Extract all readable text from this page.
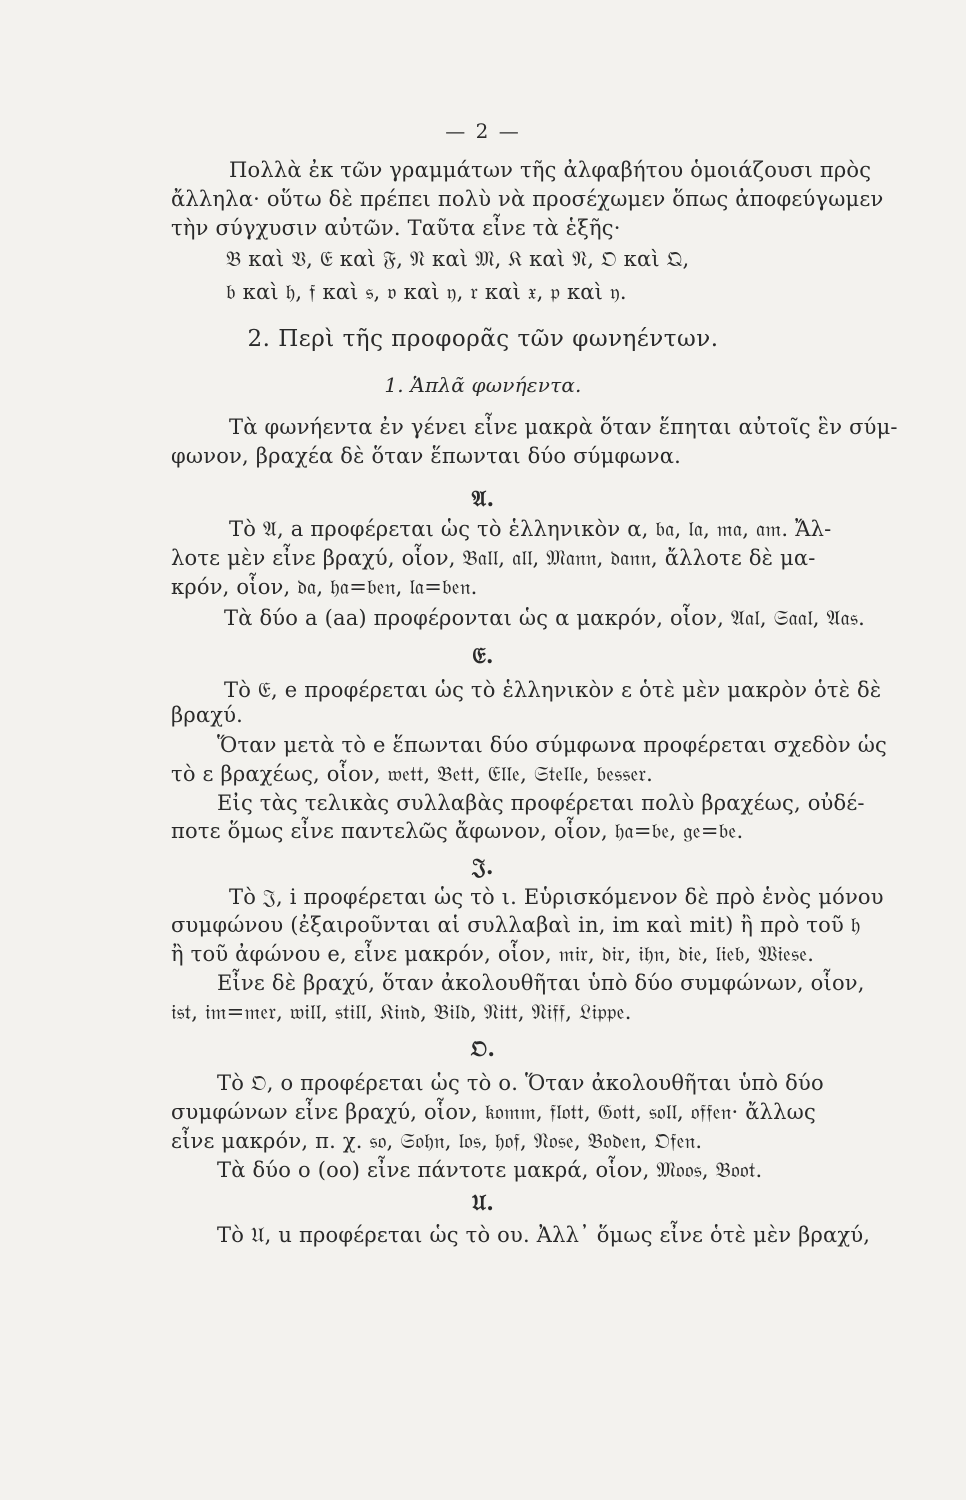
— 2 —
Πολλὰ ἐκ τῶν γραμμάτων τῆς ἀλφαβήτου ὁμοιάζουσι πρὸς
ἄλληλα· οὕτω δὲ πρέπει πολὺ νὰ προσέχωμεν ὅπως ἀποφεύγωμεν
τὴν σύγχυσιν αὐτῶν. Ταῦτα εἶνε τὰ ἑξῆς·
𝔅 καὶ 𝔙, 𝔈 καὶ 𝔉, 𝔑 καὶ 𝔐, 𝔎 καὶ 𝔑, 𝔒 καὶ 𝔔,
𝔟 καὶ 𝔥, 𝔣 καὶ 𝔰, 𝔳 καὶ 𝔶, 𝔯 καὶ 𝔵, 𝔭 καὶ 𝔶.
2. Περὶ τῆς προφορᾶς τῶν φωνηέντων.
1. Ἁπλᾶ φωνήεντα.
Τὰ φωνήεντα ἐν γένει εἶνε μακρὰ ὅταν ἕπηται αὐτοῖς ἓν σύμ-
φωνον, βραχέα δὲ ὅταν ἕπωνται δύο σύμφωνα.
𝔄.
Τὸ 𝔄, a προφέρεται ὡς τὸ ἑλληνικὸν α, 𝔟𝔞, 𝔩𝔞, 𝔪𝔞, 𝔞𝔪. Ἄλ-
λοτε μὲν εἶνε βραχύ, οἷον, 𝔅𝔞𝔩𝔩, 𝔞𝔩𝔩, 𝔐𝔞𝔫𝔫, 𝔡𝔞𝔫𝔫, ἄλλοτε δὲ μα-
κρόν, οἷον, 𝔡𝔞, 𝔥𝔞=𝔟𝔢𝔫, 𝔩𝔞=𝔟𝔢𝔫.
Τὰ δύο a (aa) προφέρονται ὡς α μακρόν, οἷον, 𝔄𝔞𝔩, 𝔖𝔞𝔞𝔩, 𝔄𝔞𝔰.
𝔈.
Τὸ 𝔈, e προφέρεται ὡς τὸ ἑλληνικὸν ε ὁτὲ μὲν μακρὸν ὁτὲ δὲ
βραχύ.
Ὅταν μετὰ τὸ e ἕπωνται δύο σύμφωνα προφέρεται σχεδὸν ὡς
τὸ ε βραχέως, οἷον, 𝔴𝔢𝔱𝔱, 𝔅𝔢𝔱𝔱, 𝔈𝔩𝔩𝔢, 𝔖𝔱𝔢𝔩𝔩𝔢, 𝔟𝔢𝔰𝔰𝔢𝔯.
Εἰς τὰς τελικὰς συλλαβὰς προφέρεται πολὺ βραχέως, οὐδέ-
ποτε ὅμως εἶνε παντελῶς ἄφωνον, οἷον, 𝔥𝔞=𝔟𝔢, 𝔤𝔢=𝔟𝔢.
𝔍.
Τὸ 𝔍, i προφέρεται ὡς τὸ ι. Εὑρισκόμενον δὲ πρὸ ἑνὸς μόνου
συμφώνου (ἐξαιροῦνται αἱ συλλαβαὶ in, im καὶ mit) ἢ πρὸ τοῦ 𝔥
ἢ τοῦ ἀφώνου e, εἶνε μακρόν, οἷον, 𝔪𝔦𝔯, 𝔡𝔦𝔯, 𝔦𝔥𝔫, 𝔡𝔦𝔢, 𝔩𝔦𝔢𝔟, 𝔚𝔦𝔢𝔰𝔢.
Εἶνε δὲ βραχύ, ὅταν ἀκολουθῆται ὑπὸ δύο συμφώνων, οἷον,
𝔦𝔰𝔱, 𝔦𝔪=𝔪𝔢𝔯, 𝔴𝔦𝔩𝔩, 𝔰𝔱𝔦𝔩𝔩, 𝔎𝔦𝔫𝔡, 𝔅𝔦𝔩𝔡, 𝔑𝔦𝔱𝔱, 𝔑𝔦𝔣𝔣, 𝔏𝔦𝔭𝔭𝔢.
𝔒.
Τὸ 𝔒, o προφέρεται ὡς τὸ ο. Ὅταν ἀκολουθῆται ὑπὸ δύο
συμφώνων εἶνε βραχύ, οἷον, 𝔨𝔬𝔪𝔪, 𝔣𝔩𝔬𝔱𝔱, 𝔊𝔬𝔱𝔱, 𝔰𝔬𝔩𝔩, 𝔬𝔣𝔣𝔢𝔫· ἄλλως
εἶνε μακρόν, π. χ. 𝔰𝔬, 𝔖𝔬𝔥𝔫, 𝔩𝔬𝔰, 𝔥𝔬𝔣, 𝔑𝔬𝔰𝔢, 𝔅𝔬𝔡𝔢𝔫, 𝔒𝔣𝔢𝔫.
Τὰ δύο o (oo) εἶνε πάντοτε μακρά, οἷον, 𝔐𝔬𝔬𝔰, 𝔅𝔬𝔬𝔱.
𝔘.
Τὸ 𝔘, u προφέρεται ὡς τὸ ου. Ἀλλ᾽ ὅμως εἶνε ὁτὲ μὲν βραχύ,
